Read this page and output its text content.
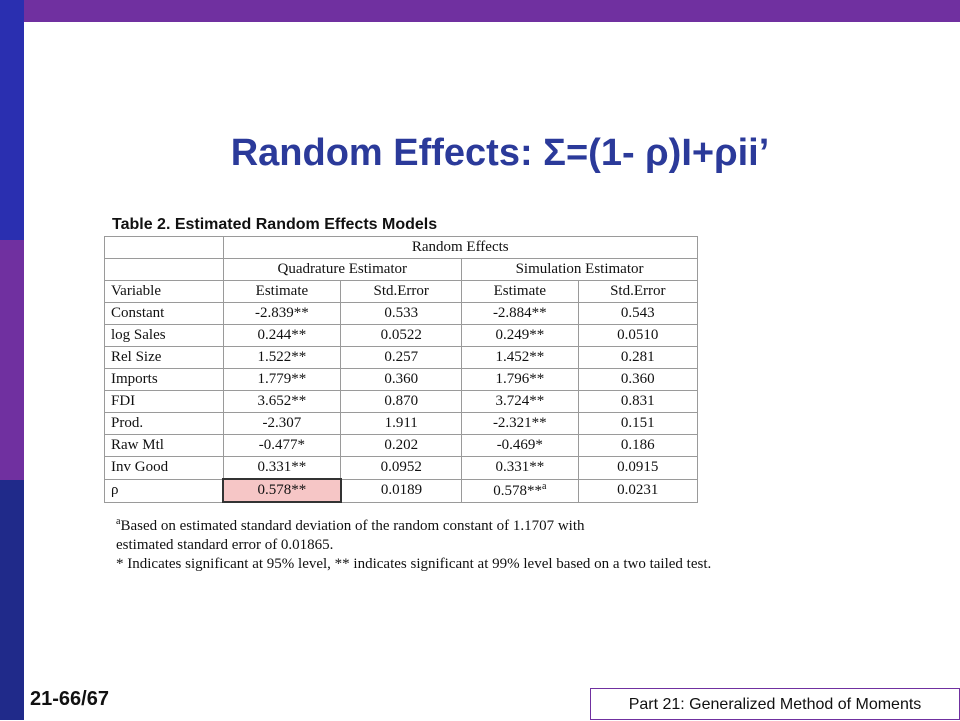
Random Effects: Σ=(1- ρ)I+ρii’
Table 2. Estimated Random Effects Models
	Random Effects			
	Quadrature Estimator		Simulation Estimator	
Variable	Estimate	Std.Error	Estimate	Std.Error
Constant	-2.839**	0.533	-2.884**	0.543
log Sales	0.244**	0.0522	0.249**	0.0510
Rel Size	1.522**	0.257	1.452**	0.281
Imports	1.779**	0.360	1.796**	0.360
FDI	3.652**	0.870	3.724**	0.831
Prod.	-2.307	1.911	-2.321**	0.151
Raw Mtl	-0.477*	0.202	-0.469*	0.186
Inv Good	0.331**	0.0952	0.331**	0.0915
ρ	0.578**	0.0189	0.578**$^a$	0.0231
$^a$Based on estimated standard deviation of the random constant of 1.1707 with
estimated standard error of 0.01865.
* Indicates significant at 95% level, ** indicates significant at 99% level based on a two tailed test.
21-66/67	Part 21: Generalized Method of Moments
